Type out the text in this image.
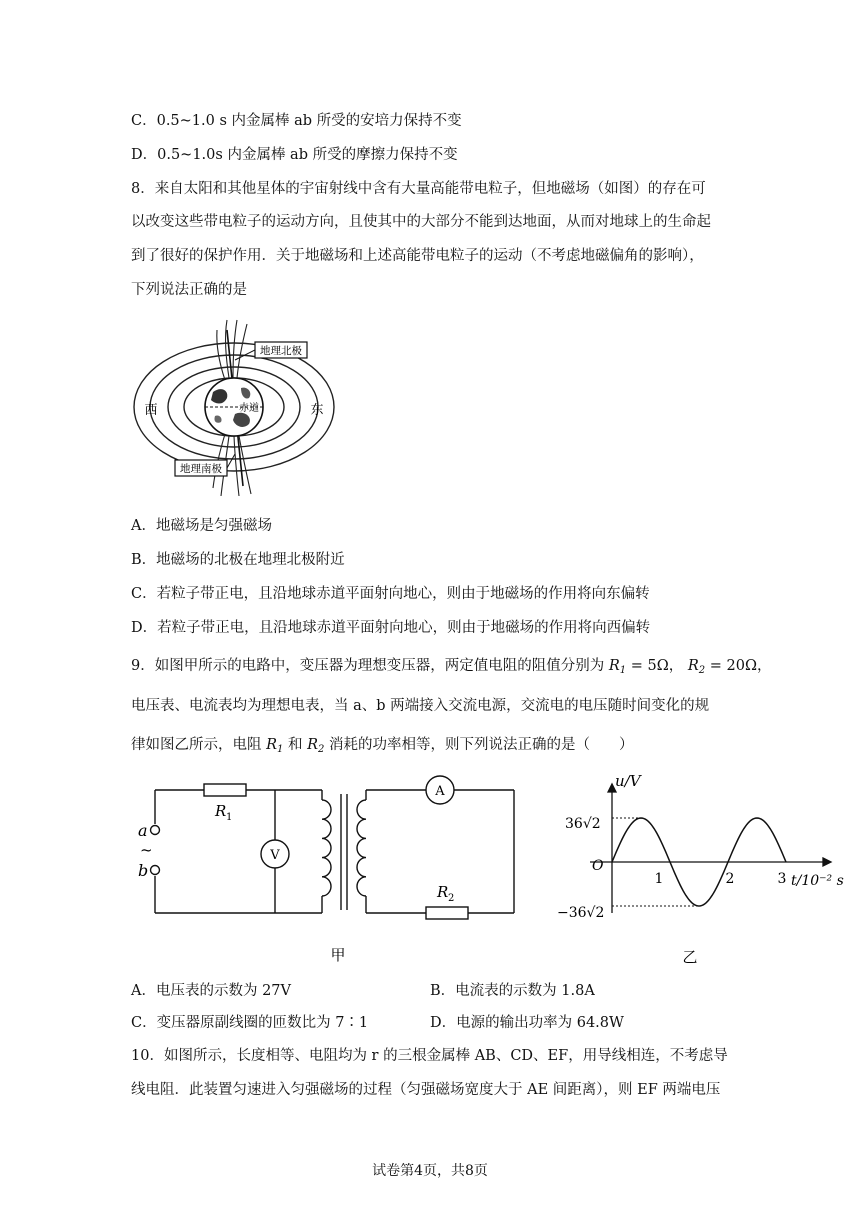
C．0.5~1.0 s 内金属棒 ab 所受的安培力保持不变
D．0.5~1.0s 内金属棒 ab 所受的摩擦力保持不变
8．来自太阳和其他星体的宇宙射线中含有大量高能带电粒子，但地磁场（如图）的存在可
以改变这些带电粒子的运动方向，且使其中的大部分不能到达地面，从而对地球上的生命起
到了很好的保护作用．关于地磁场和上述高能带电粒子的运动（不考虑地磁偏角的影响），
下列说法正确的是
地理北极
地理南极
赤道
西	东
A．地磁场是匀强磁场
B．地磁场的北极在地理北极附近
C．若粒子带正电，且沿地球赤道平面射向地心，则由于地磁场的作用将向东偏转
D．若粒子带正电，且沿地球赤道平面射向地心，则由于地磁场的作用将向西偏转
9．如图甲所示的电路中，变压器为理想变压器，两定值电阻的阻值分别为 $R_1 = 5\Omega$， $R_2 = 20\Omega$，
电压表、电流表均为理想电表，当 a、b 两端接入交流电源，交流电的电压随时间变化的规
律如图乙所示，电阻 $R_1$ 和 $R_2$ 消耗的功率相等，则下列说法正确的是（　　）
R 1
R 2
a
~
b
V
A
甲
u/V
t/10⁻² s
O
36√2
−36√2
1	2	3
乙
A．电压表的示数为 27V	B．电流表的示数为 1.8A
C．变压器原副线圈的匝数比为 7∶1	D．电源的输出功率为 64.8W
10．如图所示，长度相等、电阻均为 r 的三根金属棒 AB、CD、EF，用导线相连，不考虑导
线电阻．此装置匀速进入匀强磁场的过程（匀强磁场宽度大于 AE 间距离），则 EF 两端电压
试卷第4页，共8页
